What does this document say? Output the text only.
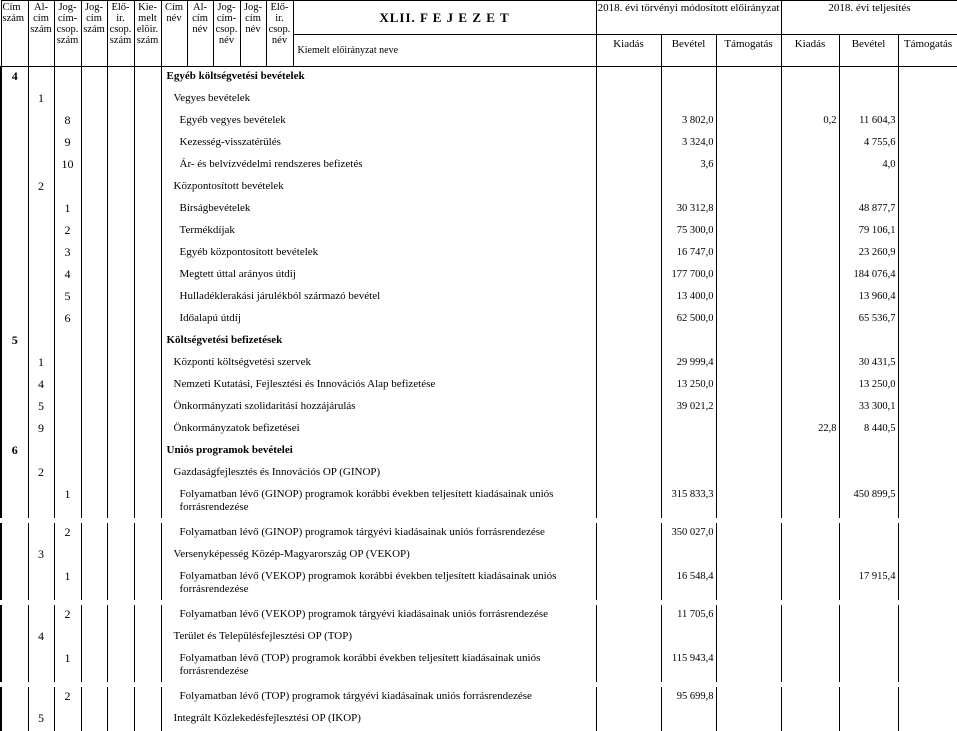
Cím szám	Al-cím szám	Jog-cím-csop. szám	Jog-cím szám	Elő-ir. csop. szám	Kie-melt elöir. szám	Cím név	Al-cím név	Jog-cím-csop. név	Jog-cím név	Elő-ir. csop. név	XLII. F E J E Z E T	2018. évi törvényi módosított előirányzat			2018. évi teljesítés		
											Kiemelt előirányzat neve	Kiadás	Bevétel	Támogatás	Kiadás	Bevétel	Támogatás
4						Egyéb költségvetési bevételek											
	1					Vegyes bevételek											
		8				Egyéb vegyes bevételek							3 802,0		0,2	11 604,3	
		9				Kezesség-visszatérülés							3 324,0			4 755,6	
		10				Ár- és belvízvédelmi rendszeres befizetés							3,6			4,0	
	2					Központosított bevételek											
		1				Bírságbevételek							30 312,8			48 877,7	
		2				Termékdíjak							75 300,0			79 106,1	
		3				Egyéb központosított bevételek							16 747,0			23 260,9	
		4				Megtett úttal arányos útdíj							177 700,0			184 076,4	
		5				Hulladéklerakási járulékból származó bevétel							13 400,0			13 960,4	
		6				Időalapú útdíj							62 500,0			65 536,7	
5						Költségvetési befizetések											
	1					Központi költségvetési szervek							29 999,4			30 431,5	
	4					Nemzeti Kutatási, Fejlesztési és Innovációs Alap befizetése							13 250,0			13 250,0	
	5					Önkormányzati szolidaritási hozzájárulás							39 021,2			33 300,1	
	9					Önkormányzatok befizetései									22,8	8 440,5	
6						Uniós programok bevételei											
	2					Gazdaságfejlesztés és Innovációs OP (GINOP)											
		1				Folyamatban lévő (GINOP) programok korábbi években teljesített kiadásainak uniós forrásrendezése							315 833,3			450 899,5	

		2				Folyamatban lévő (GINOP) programok tárgyévi kiadásainak uniós forrásrendezése							350 027,0				
	3					Versenyképesség Közép-Magyarország OP (VEKOP)											
		1				Folyamatban lévő (VEKOP) programok korábbi években teljesített kiadásainak uniós forrásrendezése							16 548,4			17 915,4	

		2				Folyamatban lévő (VEKOP) programok tárgyévi kiadásainak uniós forrásrendezése							11 705,6				
	4					Terület és Településfejlesztési OP (TOP)											
		1				Folyamatban lévő (TOP) programok korábbi években teljesített kiadásainak uniós forrásrendezése							115 943,4				

		2				Folyamatban lévő (TOP) programok tárgyévi kiadásainak uniós forrásrendezése							95 699,8				
	5					Integrált Közlekedésfejlesztési OP (IKOP)											
